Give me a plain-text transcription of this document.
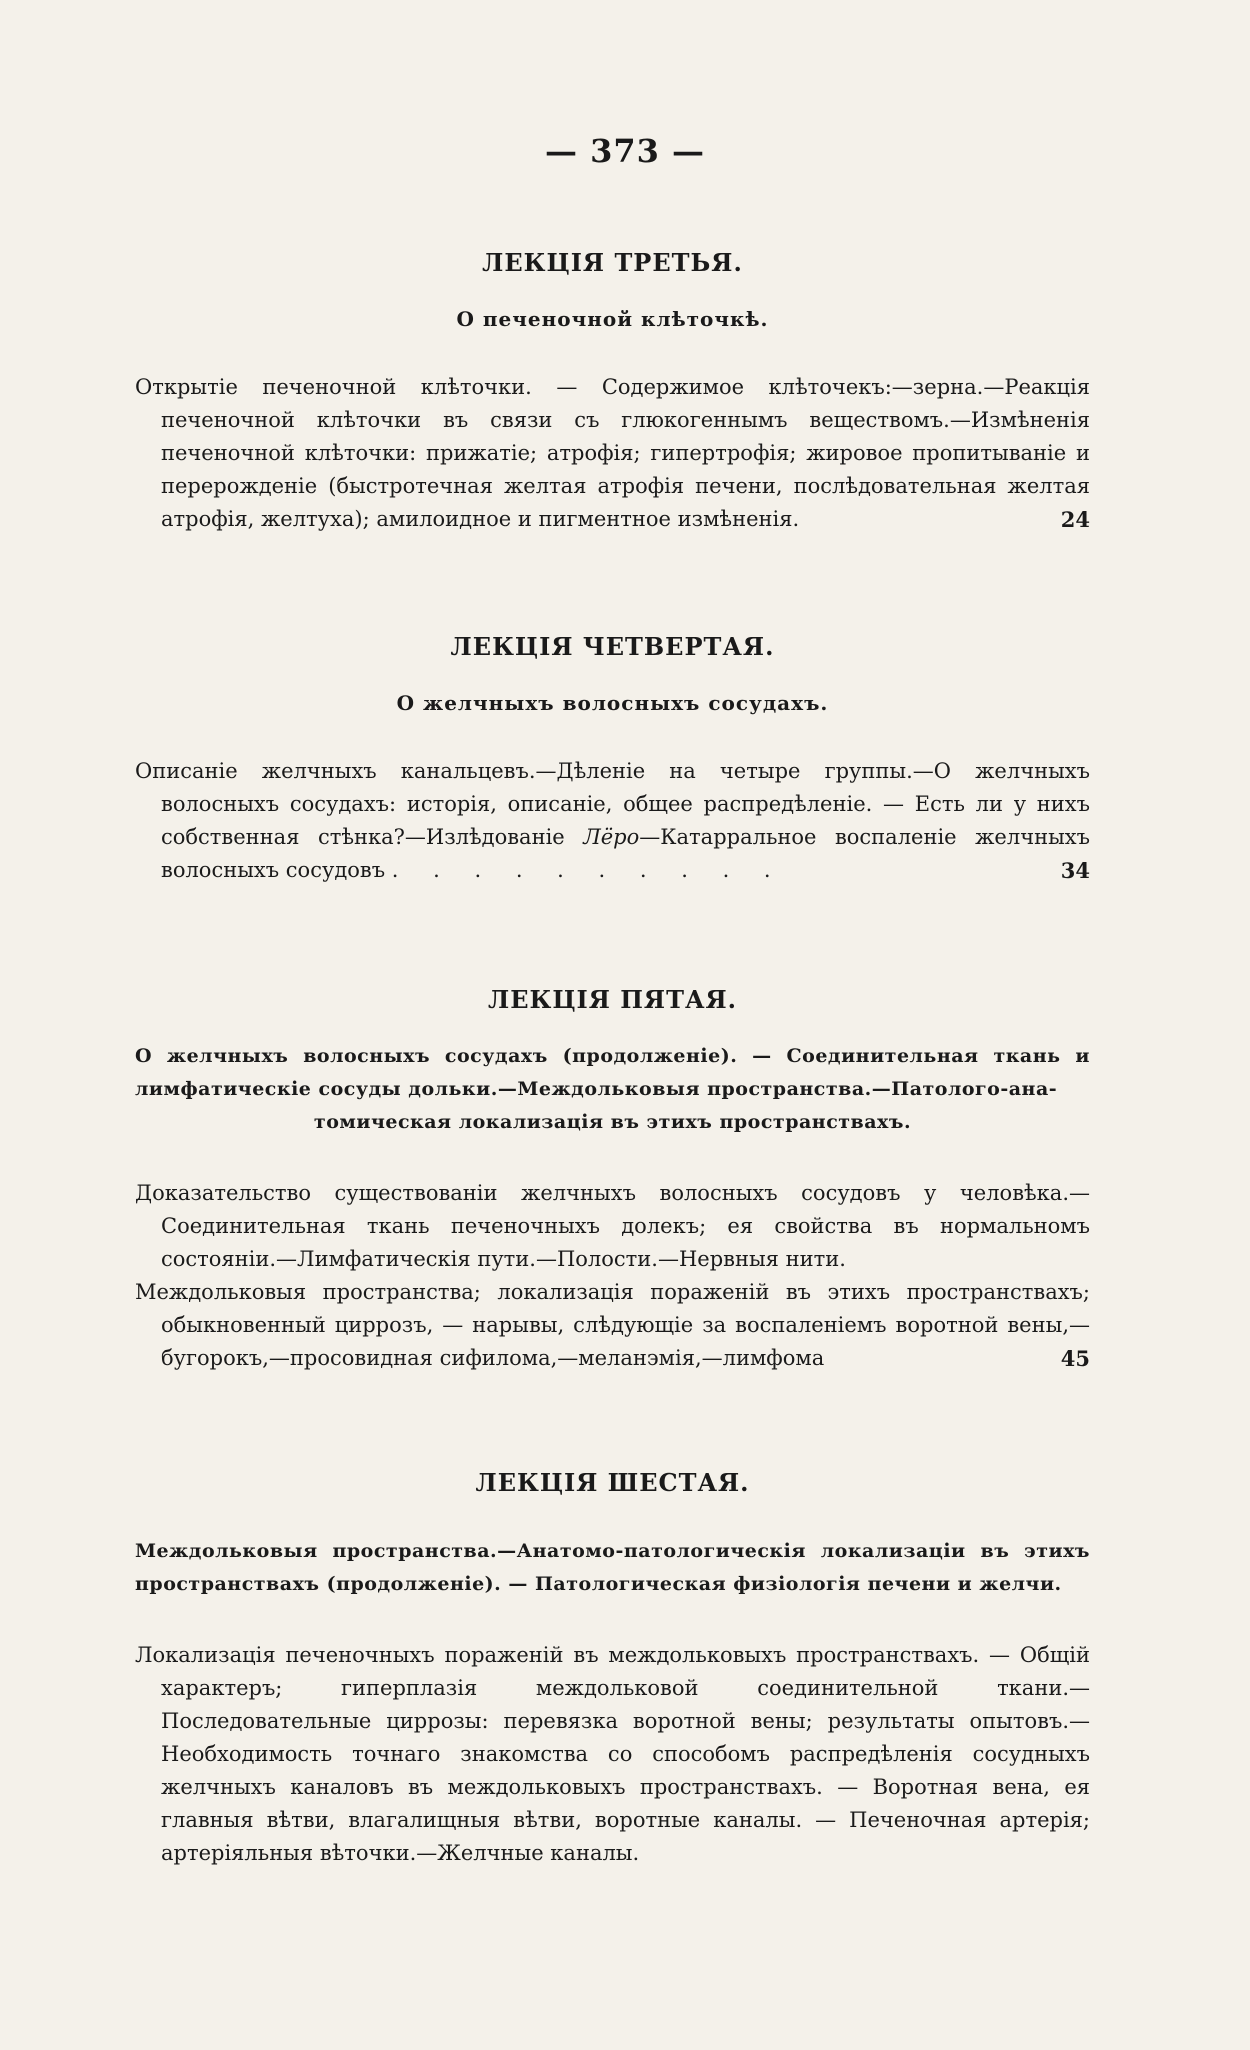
— 373 —
ЛЕКЦІЯ ТРЕТЬЯ.

О печеночной клѣточкѣ.

Открытіе печеночной клѣточки. — Содержимое клѣточекъ:—зерна.—Реакція печеночной клѣточки въ связи съ глюкогеннымъ веществомъ.—Измѣненія печеночной клѣточки: прижатіе; атрофія; гипертрофія; жировое пропитываніе и перерожденіе (быстротечная желтая атрофія печени, послѣдовательная желтая атрофія, желтуха); амилоидное и пигментное измѣненія.	24

ЛЕКЦІЯ ЧЕТВЕРТАЯ.

О желчныхъ волосныхъ сосудахъ.

Описаніе желчныхъ канальцевъ.—Дѣленіе на четыре группы.—О желчныхъ волосныхъ сосудахъ: исторія, описаніе, общее распредѣленіе. — Есть ли у нихъ собственная стѣнка?—Излѣдованіе Лёро—Катарральное воспаленіе желчныхъ волосныхъ сосудовъ . . . . . . . . . .	34

ЛЕКЦІЯ ПЯТАЯ.

О желчныхъ волосныхъ сосудахъ (продолженіе). — Соединительная ткань и лимфатическіе сосуды дольки.—Междольковыя пространства.—Патолого-ана-
томическая локализація въ этихъ пространствахъ.

Доказательство существованіи желчныхъ волосныхъ сосудовъ у человѣка.— Соединительная ткань печеночныхъ долекъ; ея свойства въ нормальномъ состояніи.—Лимфатическія пути.—Полости.—Нервныя нити.

Междольковыя пространства; локализація пораженій въ этихъ пространствахъ; обыкновенный циррозъ, — нарывы, слѣдующіе за воспаленіемъ воротной вены,—бугорокъ,—просовидная сифилома,—меланэмія,—лимфома	45

ЛЕКЦІЯ ШЕСТАЯ.

Междольковыя пространства.—Анатомо-патологическія локализаціи въ этихъ пространствахъ (продолженіе). — Патологическая физіологія печени и желчи.

Локализація печеночныхъ пораженій въ междольковыхъ пространствахъ. — Общій характеръ; гиперплазія междольковой соединительной ткани.—Последовательные циррозы: перевязка воротной вены; результаты опытовъ.— Необходимость точнаго знакомства со способомъ распредѣленія сосудныхъ желчныхъ каналовъ въ междольковыхъ пространствахъ. — Воротная вена, ея главныя вѣтви, влагалищныя вѣтви, воротные каналы. — Печеночная артерія; артеріяльныя вѣточки.—Желчные каналы.
